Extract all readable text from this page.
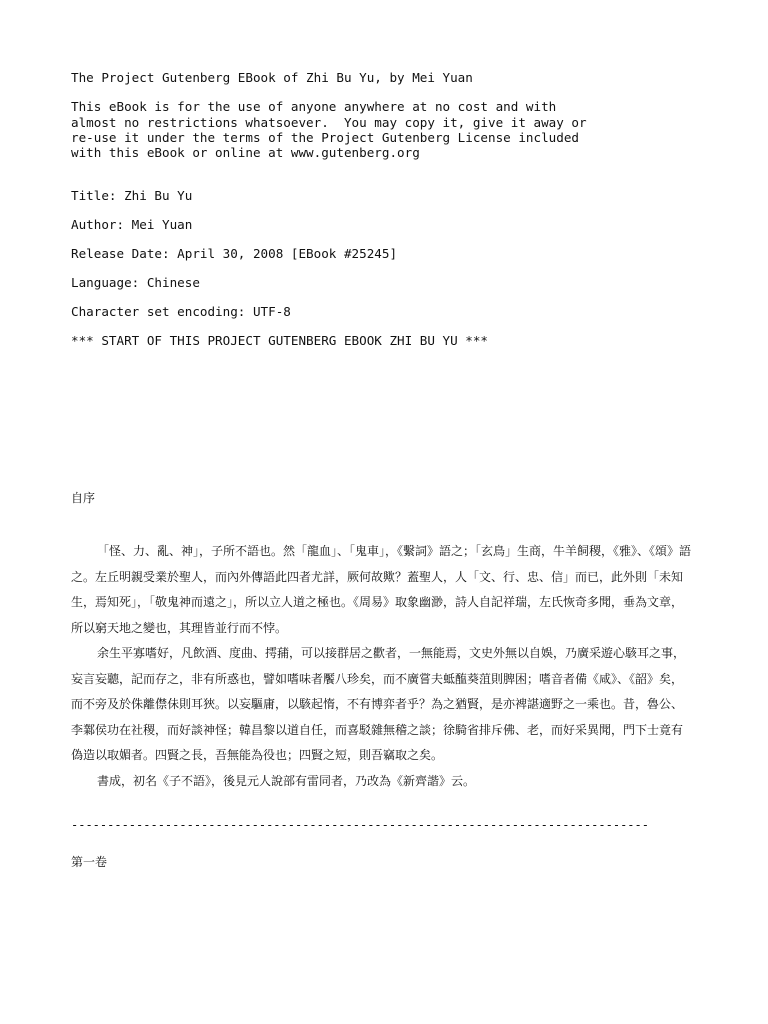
The Project Gutenberg EBook of Zhi Bu Yu, by Mei Yuan
This eBook is for the use of anyone anywhere at no cost and with
almost no restrictions whatsoever.  You may copy it, give it away or
re-use it under the terms of the Project Gutenberg License included
with this eBook or online at www.gutenberg.org
Title: Zhi Bu Yu
Author: Mei Yuan
Release Date: April 30, 2008 [EBook #25245]
Language: Chinese
Character set encoding: UTF-8
*** START OF THIS PROJECT GUTENBERG EBOOK ZHI BU YU ***
自序

「怪、力、亂、神」，子所不語也。然「龍血」、「鬼車」，《繫詞》語之；「玄鳥」生商，牛羊飼稷，《雅》、《頌》語之。左丘明親受業於聖人，而內外傳語此四者尤詳，厥何故歟？蓋聖人，人「文、行、忠、信」而已，此外則「未知生，焉知死」，「敬鬼神而遠之」，所以立人道之極也。《周易》取象幽渺，詩人自記祥瑞，左氏恢奇多聞，垂為文章，所以窮天地之變也，其理皆並行而不悖。

余生平寡嗜好，凡飲酒、度曲、摴蒱，可以接群居之歡者，一無能焉，文史外無以自娛，乃廣采遊心駭耳之事，妄言妄聽，記而存之，非有所惑也，譬如嗜味者饜八珍矣，而不廣嘗夫蚳醢葵菹則脾困；嗜音者備《咸》、《韶》矣，而不旁及於侏離僸佅則耳狹。以妄驅庸，以駭起惰，不有博弈者乎？為之猶賢，是亦裨諶適野之一乘也。昔，魯公、李鄴侯功在社稷，而好談神怪；韓昌黎以道自任，而喜駁雜無稽之談；徐騎省排斥佛、老，而好采異聞，門下士竟有偽造以取媚者。四賢之長，吾無能為役也；四賢之短，則吾竊取之矣。

書成，初名《子不語》，後見元人說部有雷同者，乃改為《新齊諧》云。

--------------------------------------------------------------------------------
第一卷
